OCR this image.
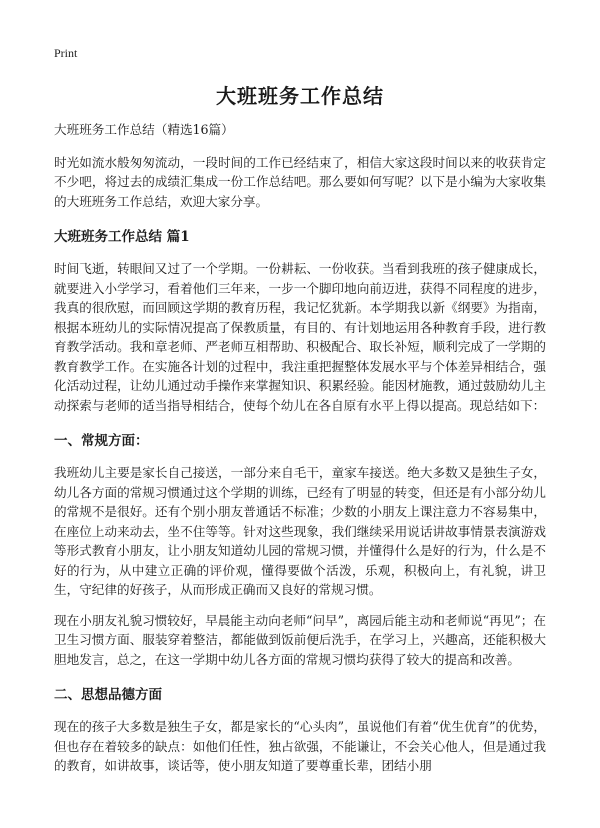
Print
大班班务工作总结

大班班务工作总结（精选16篇）

时光如流水般匆匆流动，一段时间的工作已经结束了，相信大家这段时间以来的收获肯定不少吧，将过去的成绩汇集成一份工作总结吧。那么要如何写呢？以下是小编为大家收集的大班班务工作总结，欢迎大家分享。

大班班务工作总结 篇1

时间飞逝，转眼间又过了一个学期。一份耕耘、一份收获。当看到我班的孩子健康成长，就要进入小学学习，看着他们三年来，一步一个脚印地向前迈进，获得不同程度的进步，我真的很欣慰，而回顾这学期的教育历程，我记忆犹新。本学期我以新《纲要》为指南，根据本班幼儿的实际情况提高了保教质量，有目的、有计划地运用各种教育手段，进行教育教学活动。我和章老师、严老师互相帮助、积极配合、取长补短，顺利完成了一学期的教育教学工作。在实施各计划的过程中，我注重把握整体发展水平与个体差异相结合，强化活动过程，让幼儿通过动手操作来掌握知识、积累经验。能因材施教，通过鼓励幼儿主动探索与老师的适当指导相结合，使每个幼儿在各自原有水平上得以提高。现总结如下：

一、常规方面：

我班幼儿主要是家长自己接送，一部分来自毛干，童家车接送。绝大多数又是独生子女，幼儿各方面的常规习惯通过这个学期的训练，已经有了明显的转变，但还是有小部分幼儿的常规不是很好。还有个别小朋友普通话不标准；少数的小朋友上课注意力不容易集中，在座位上动来动去，坐不住等等。针对这些现象，我们继续采用说话讲故事情景表演游戏等形式教育小朋友，让小朋友知道幼儿园的常规习惯，并懂得什么是好的行为，什么是不好的行为，从中建立正确的评价观，懂得要做个活泼，乐观，积极向上，有礼貌，讲卫生，守纪律的好孩子，从而形成正确而又良好的常规习惯。

现在小朋友礼貌习惯较好，早晨能主动向老师“问早”，离园后能主动和老师说“再见”；在卫生习惯方面、服装穿着整洁，都能做到饭前便后洗手，在学习上，兴趣高，还能积极大胆地发言，总之，在这一学期中幼儿各方面的常规习惯均获得了较大的提高和改善。

二、思想品德方面

现在的孩子大多数是独生子女，都是家长的“心头肉”，虽说他们有着“优生优育”的优势，但也存在着较多的缺点：如他们任性，独占欲强，不能谦让，不会关心他人，但是通过我的教育，如讲故事，谈话等，使小朋友知道了要尊重长辈，团结小朋
